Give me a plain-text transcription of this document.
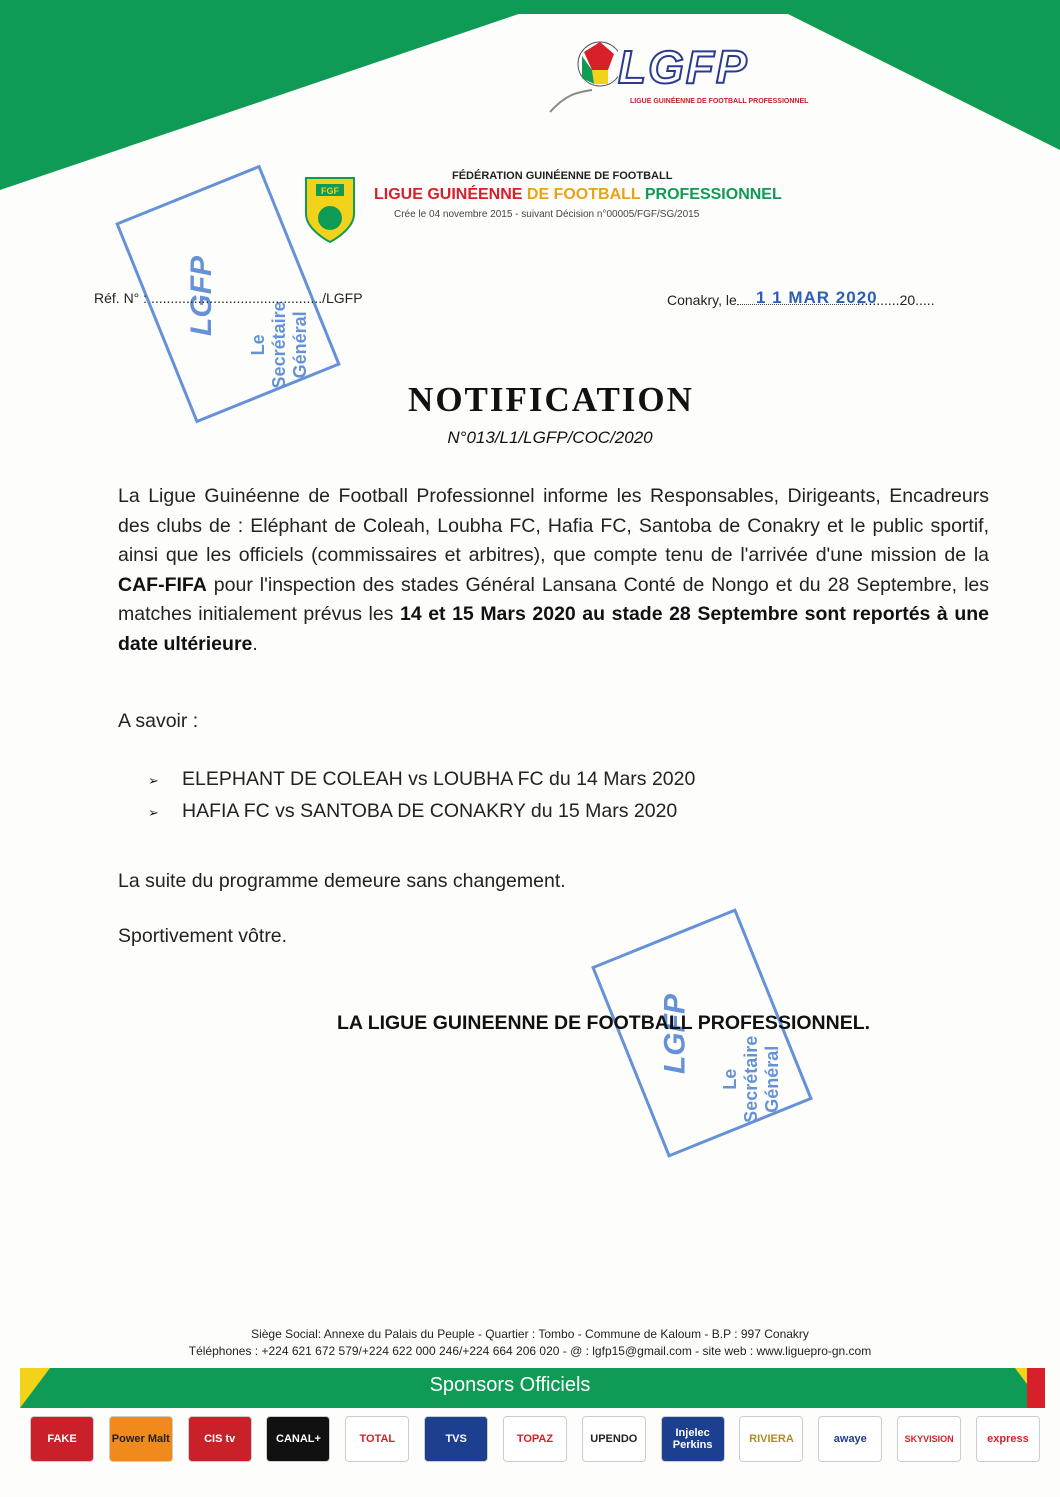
LGFP
LIGUE GUINÉENNE DE FOOTBALL PROFESSIONNEL
FGF
FÉDÉRATION GUINÉENNE DE FOOTBALL
LIGUE GUINÉENNE DE FOOTBALL PROFESSIONNEL
Crée le 04 novembre 2015 - suivant Décision n°00005/FGF/SG/2015
Le Secrétaire Général
LGFP
Réf. N° : ............................................/LGFP	Conakry, le	...........20.....
1 1 MAR 2020
NOTIFICATION
N°013/L1/LGFP/COC/2020
La Ligue Guinéenne de Football Professionnel informe les Responsables, Dirigeants, Encadreurs des clubs de : Eléphant de Coleah, Loubha FC, Hafia FC, Santoba de Conakry et le public sportif, ainsi que les officiels (commissaires et arbitres), que compte tenu de l'arrivée d'une mission de la CAF-FIFA pour l'inspection des stades Général Lansana Conté de Nongo et du 28 Septembre, les matches initialement prévus les 14 et 15 Mars 2020 au stade 28 Septembre sont reportés à une date ultérieure.
A savoir :
➢ ELEPHANT DE COLEAH vs LOUBHA FC du 14 Mars 2020
➢ HAFIA FC vs SANTOBA DE CONAKRY du 15 Mars 2020
La suite du programme demeure sans changement.
Sportivement vôtre.
Le Secrétaire Général
LGFP
LA LIGUE GUINEENNE DE FOOTBALL PROFESSIONNEL.
Siège Social: Annexe du Palais du Peuple - Quartier : Tombo - Commune de Kaloum - B.P : 997 Conakry
Téléphones : +224 621 672 579/+224 622 000 246/+224 664 206 020 - @ : lgfp15@gmail.com - site web : www.liguepro-gn.com
Sponsors Officiels
FAKE	Power Malt	CIS tv	CANAL+	TOTAL	TVS	TOPAZ	UPENDO	Injelec Perkins	RIVIERA	awaye	SKYVISION	express
